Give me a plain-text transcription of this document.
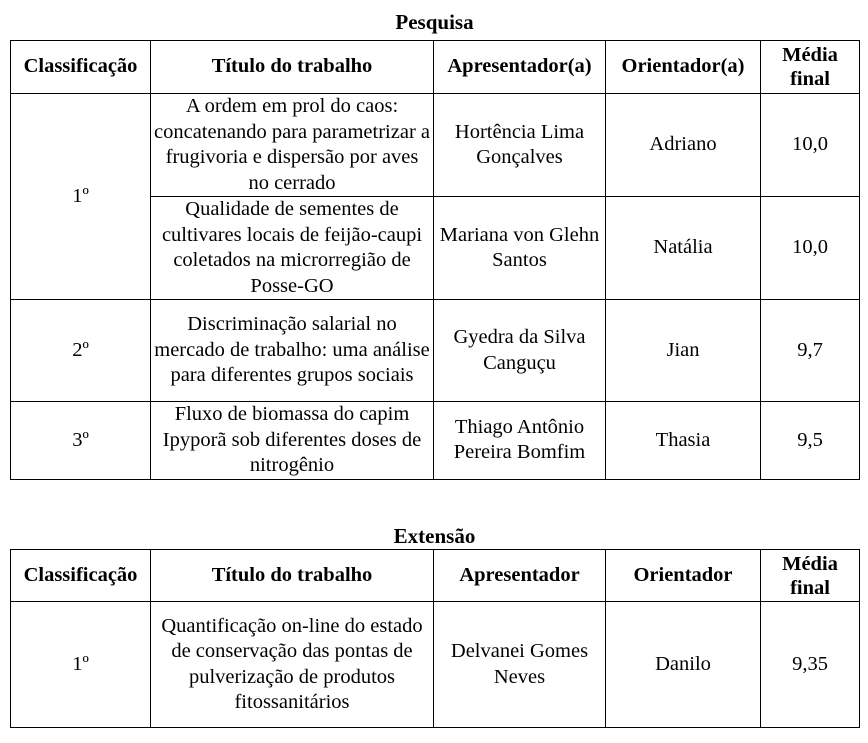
Pesquisa
Classificação	Título do trabalho	Apresentador(a)	Orientador(a)	Média final
1º	A ordem em prol do caos: concatenando para parametrizar a frugivoria e dispersão por aves no cerrado	Hortência Lima Gonçalves	Adriano	10,0
	Qualidade de sementes de cultivares locais de feijão-caupi coletados na microrregião de Posse-GO	Mariana von Glehn Santos	Natália	10,0
2º	Discriminação salarial no mercado de trabalho: uma análise para diferentes grupos sociais	Gyedra da Silva Canguçu	Jian	9,7
3º	Fluxo de biomassa do capim Ipyporã sob diferentes doses de nitrogênio	Thiago Antônio Pereira Bomfim	Thasia	9,5
Extensão
Classificação	Título do trabalho	Apresentador	Orientador	Média final
1º	Quantificação on-line do estado de conservação das pontas de pulverização de produtos fitossanitários	Delvanei Gomes Neves	Danilo	9,35
